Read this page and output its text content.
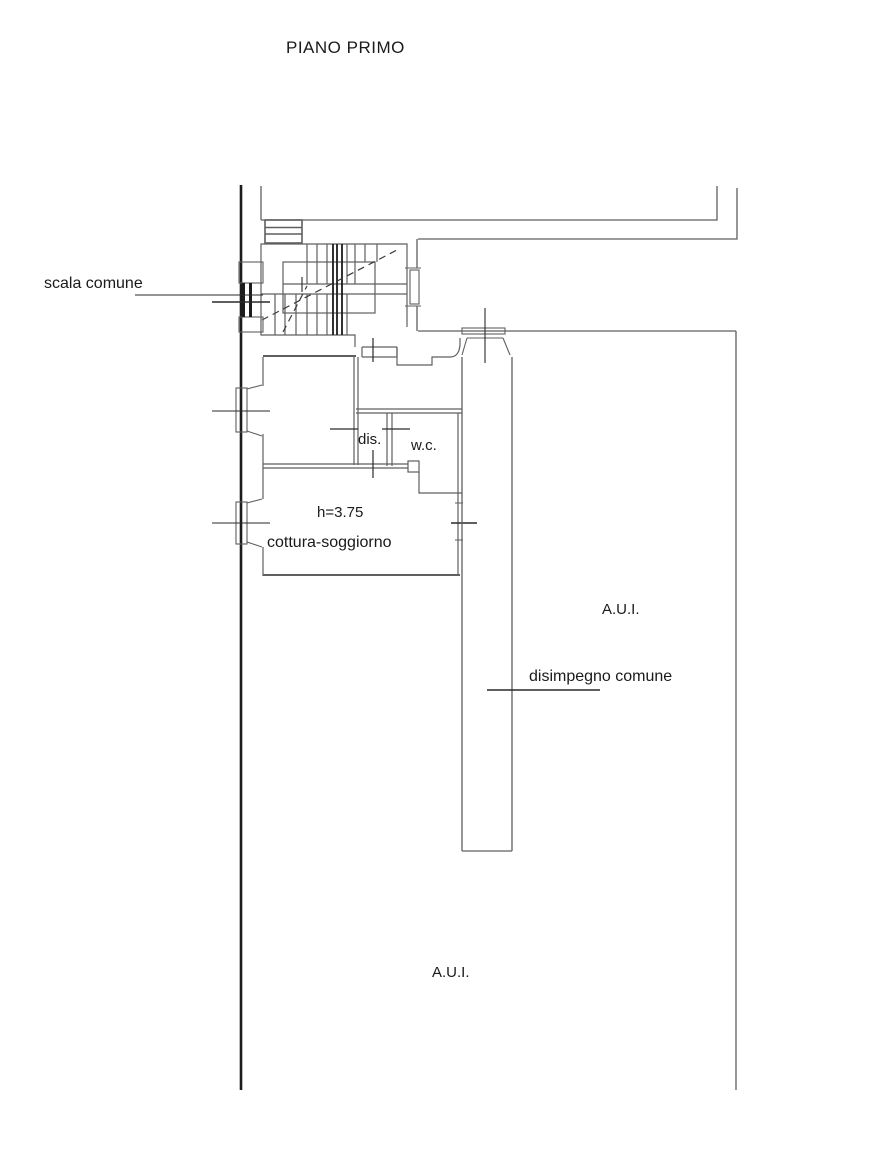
PIANO PRIMO
scala comune
dis. w.c.
h=3.75
cottura-soggiorno
A.U.I.
disimpegno comune
A.U.I.
